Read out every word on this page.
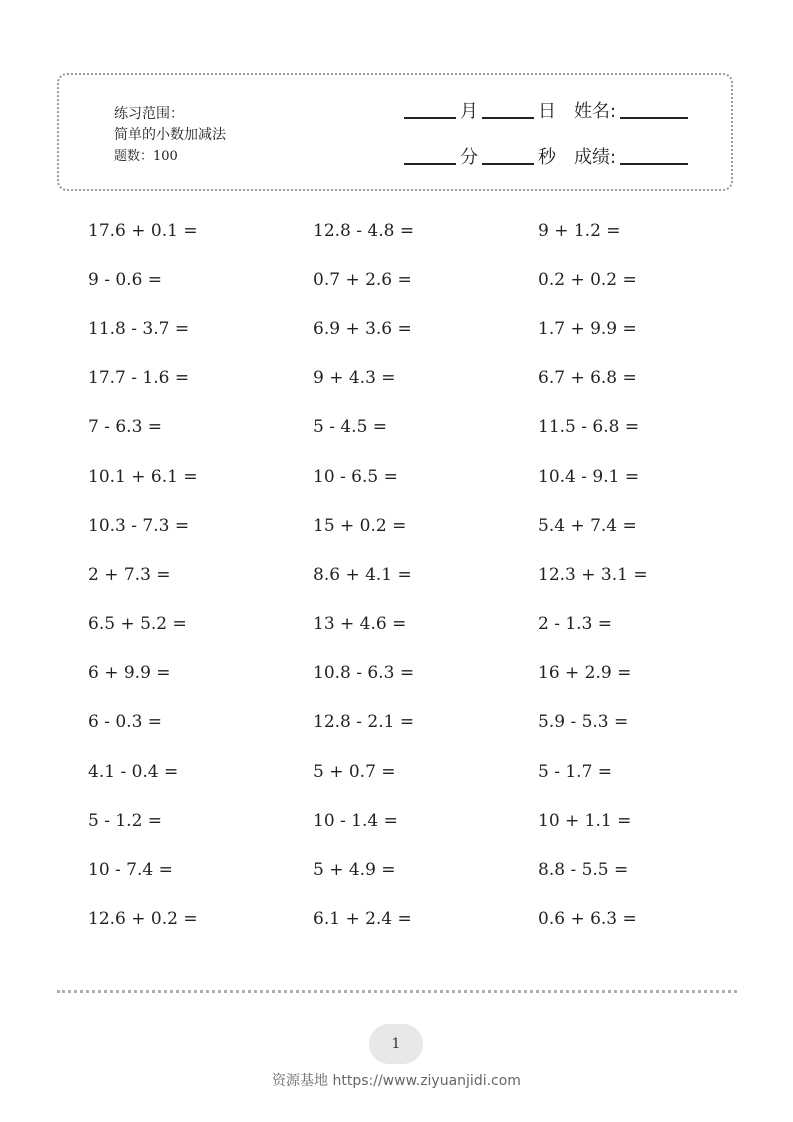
练习范围：
简单的小数加减法
题数：100
月	日 姓名:
分	秒 成绩:
17.6 + 0.1 =	12.8 - 4.8 =	9 + 1.2 =
9 - 0.6 =	0.7 + 2.6 =	0.2 + 0.2 =
11.8 - 3.7 =	6.9 + 3.6 =	1.7 + 9.9 =
17.7 - 1.6 =	9 + 4.3 =	6.7 + 6.8 =
7 - 6.3 =	5 - 4.5 =	11.5 - 6.8 =
10.1 + 6.1 =	10 - 6.5 =	10.4 - 9.1 =
10.3 - 7.3 =	15 + 0.2 =	5.4 + 7.4 =
2 + 7.3 =	8.6 + 4.1 =	12.3 + 3.1 =
6.5 + 5.2 =	13 + 4.6 =	2 - 1.3 =
6 + 9.9 =	10.8 - 6.3 =	16 + 2.9 =
6 - 0.3 =	12.8 - 2.1 =	5.9 - 5.3 =
4.1 - 0.4 =	5 + 0.7 =	5 - 1.7 =
5 - 1.2 =	10 - 1.4 =	10 + 1.1 =
10 - 7.4 =	5 + 4.9 =	8.8 - 5.5 =
12.6 + 0.2 =	6.1 + 2.4 =	0.6 + 6.3 =
1
资源基地 https://www.ziyuanjidi.com
